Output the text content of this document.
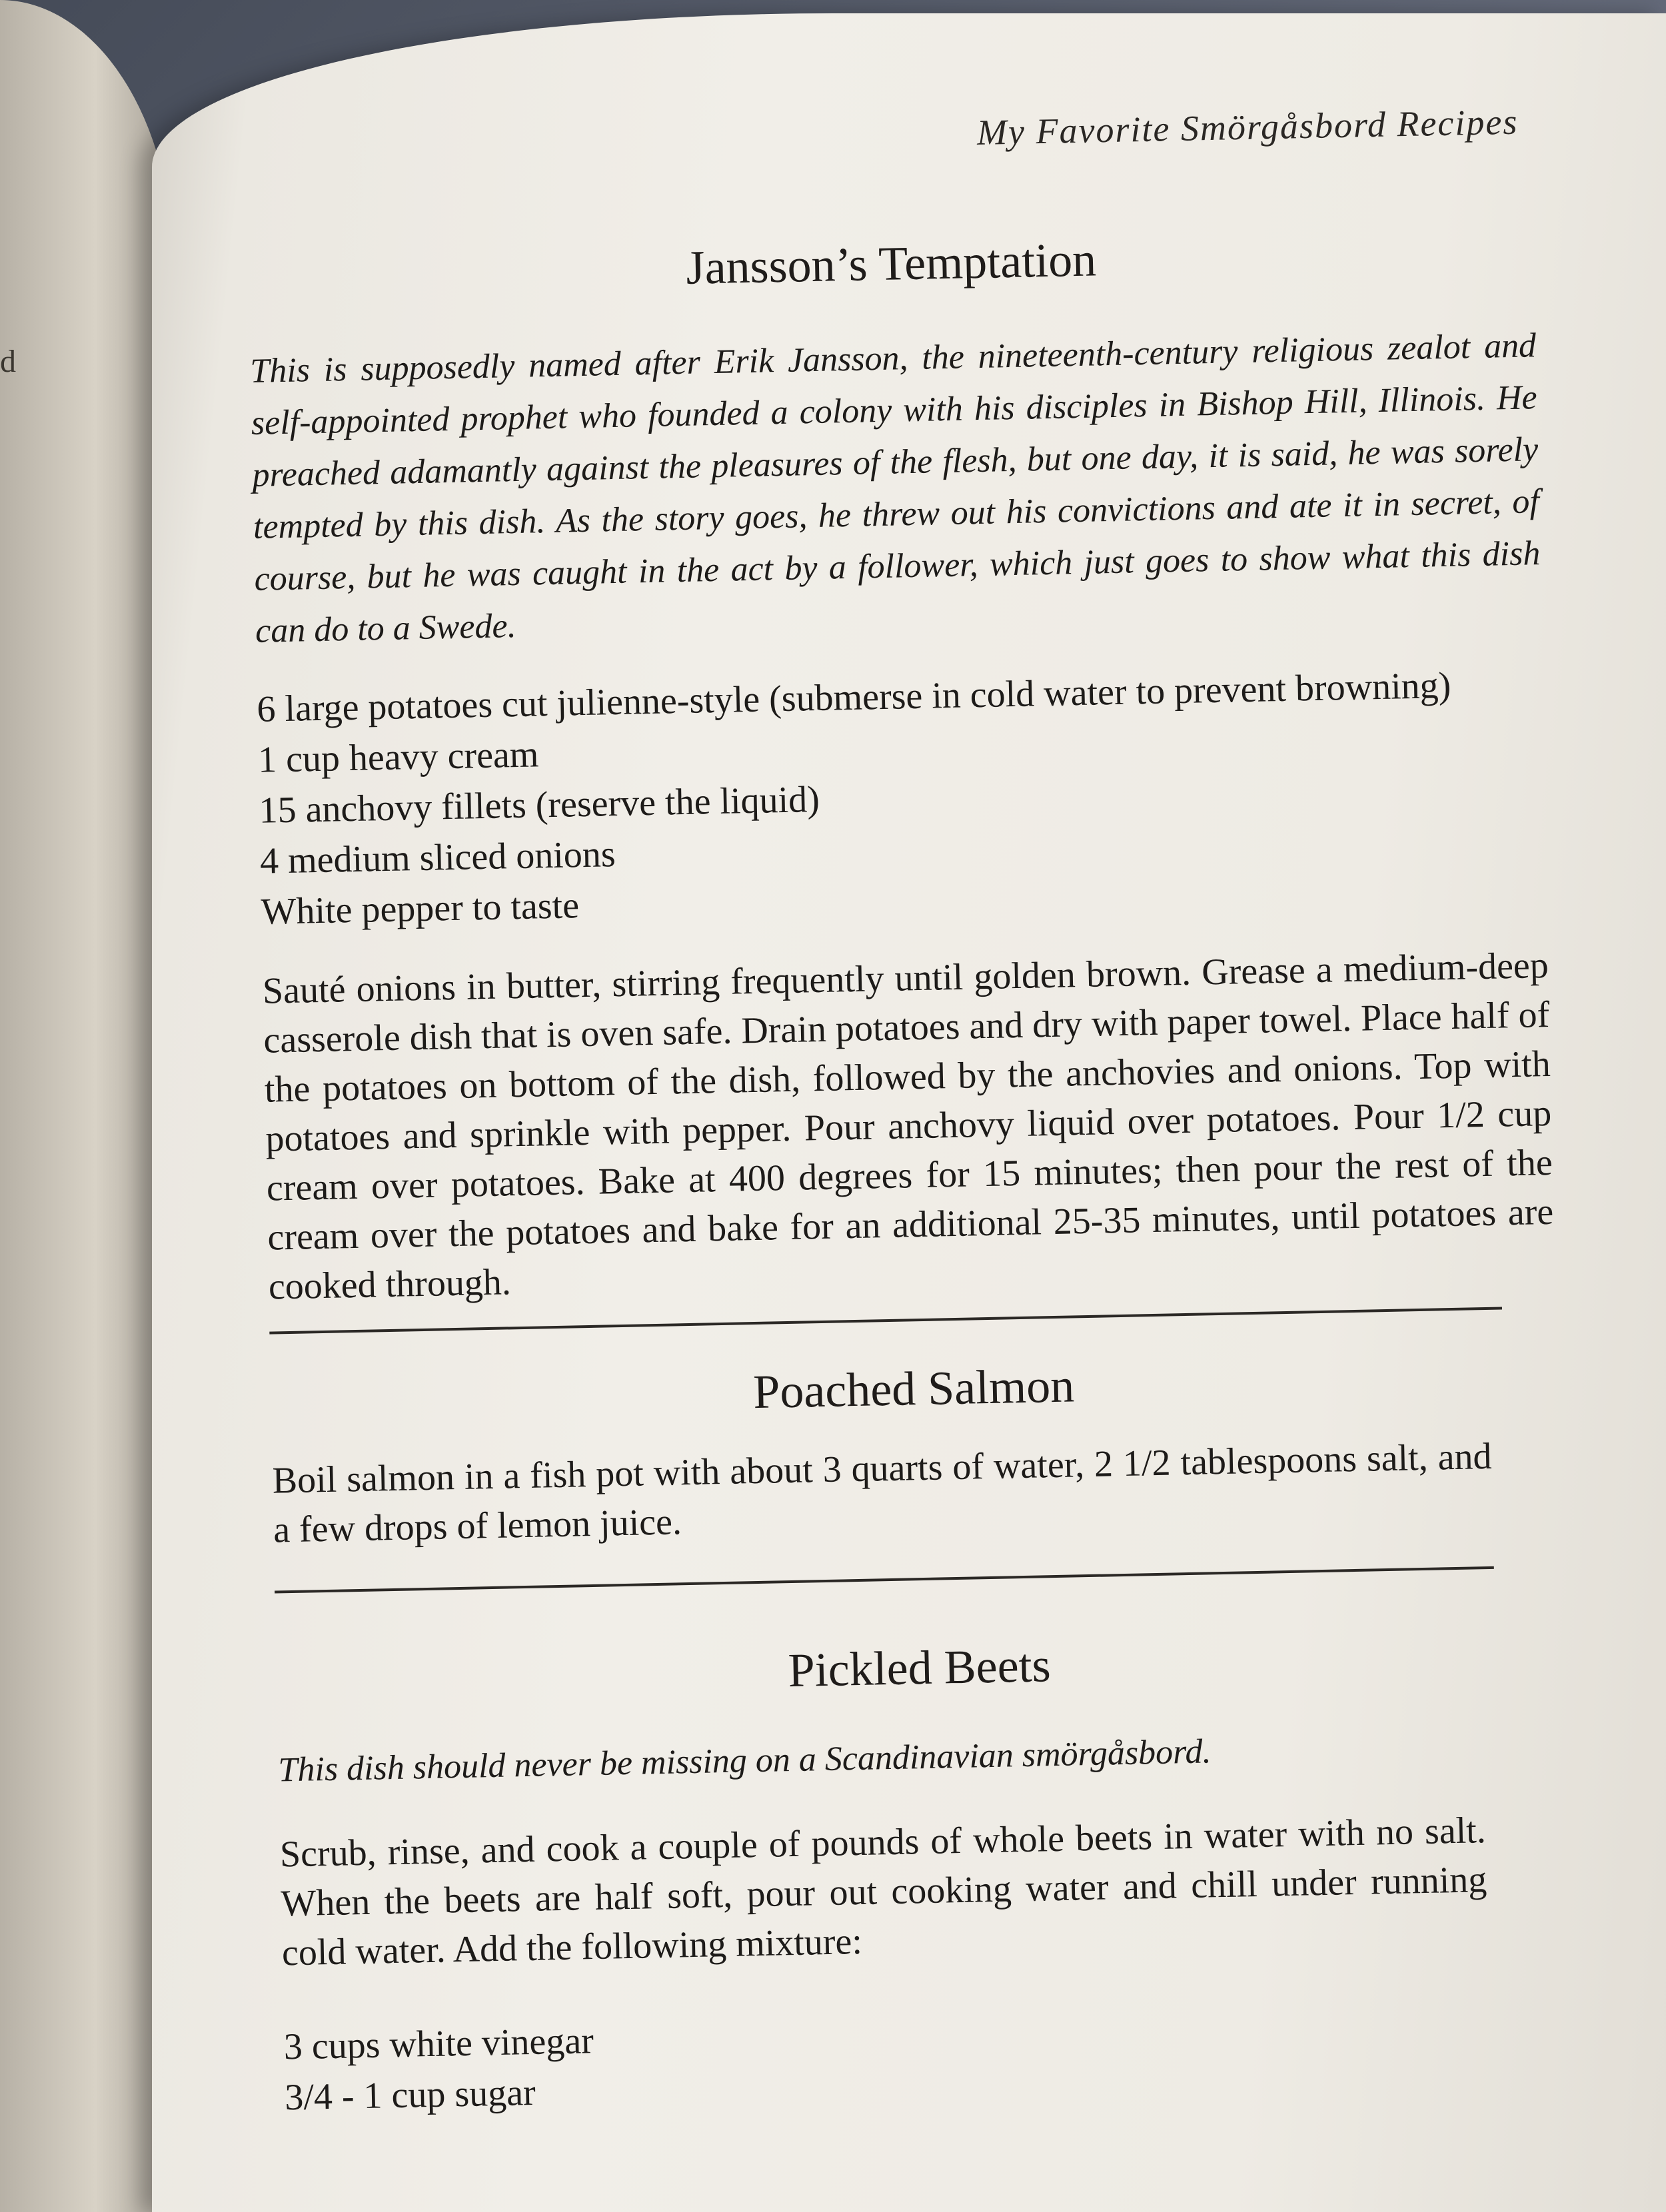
d
My Favorite Smörgåsbord Recipes
Jansson’s Temptation

This is supposedly named after Erik Jansson, the nineteenth-century religious zealot and self-appointed prophet who founded a colony with his disciples in Bishop Hill, Illinois. He preached adamantly against the pleasures of the flesh, but one day, it is said, he was sorely tempted by this dish. As the story goes, he threw out his convictions and ate it in secret, of course, but he was caught in the act by a follower, which just goes to show what this dish can do to a Swede.

6 large potatoes cut julienne-style (submerse in cold water to prevent browning)
1 cup heavy cream
15 anchovy fillets (reserve the liquid)
4 medium sliced onions
White pepper to taste

Sauté onions in butter, stirring frequently until golden brown. Grease a medium-deep casserole dish that is oven safe. Drain potatoes and dry with paper towel. Place half of the potatoes on bottom of the dish, followed by the anchovies and onions. Top with potatoes and sprinkle with pepper. Pour anchovy liquid over potatoes. Pour 1/2 cup cream over potatoes. Bake at 400 degrees for 15 minutes; then pour the rest of the cream over the potatoes and bake for an additional 25-35 minutes, until potatoes are cooked through.

Poached Salmon

Boil salmon in a fish pot with about 3 quarts of water, 2 1/2 tablespoons salt, and a few drops of lemon juice.

Pickled Beets

This dish should never be missing on a Scandinavian smörgåsbord.

Scrub, rinse, and cook a couple of pounds of whole beets in water with no salt. When the beets are half soft, pour out cooking water and chill under running cold water. Add the following mixture:

3 cups white vinegar
3/4 - 1 cup sugar
